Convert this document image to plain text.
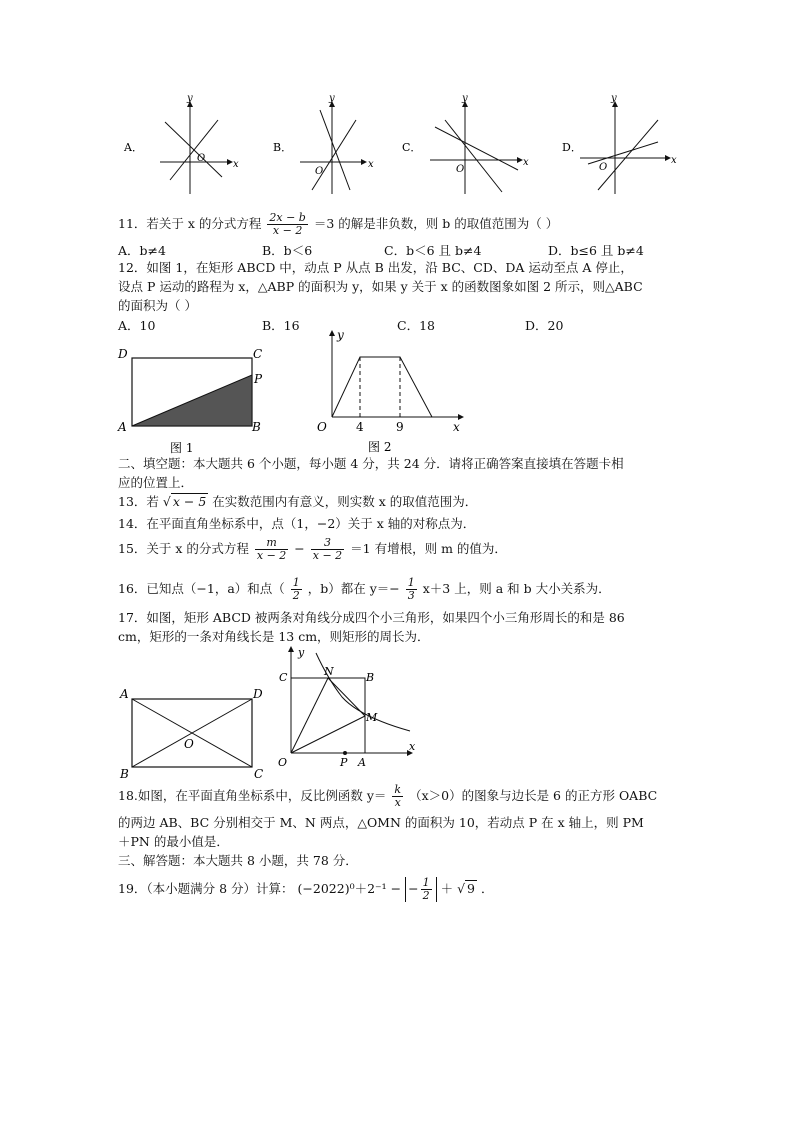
A．
y
x
O
B．
y
x
O
C．
y
x
O
D．
y
x
O
11．若关于 x 的分式方程 $\frac{2x - b}{x - 2} =3$ 的解是非负数，则 b 的取值范围为（ ）
A．b≠4	B．b＜6	C．b＜6 且 b≠4	D．b≤6 且 b≠4
12．如图 1，在矩形 ABCD 中，动点 P 从点 B 出发，沿 BC、CD、DA 运动至点 A 停止，
设点 P 运动的路程为 x，△ABP 的面积为 y，如果 y 关于 x 的函数图象如图 2 所示，则△ABC
的面积为（ ）
A．10	B．16	C．18	D．20
D	C
P
A	B
图 1
y
x
O 4	9
图 2
二、填空题：本大题共 6 个小题，每小题 4 分，共 24 分．请将正确答案直接填在答题卡相
应的位置上．
13．若 √ x − 5 在实数范围内有意义，则实数 x 的取值范围为．
14．在平面直角坐标系中，点（1，−2）关于 x 轴的对称点为．
15．关于 x 的分式方程 $\frac{m}{x - 2} - \frac{3}{x - 2} =1$ 有增根，则 m 的值为．
16．已知点（−1，a）和点（ $\frac{1}{2}$ ，b）都在 $y=- \frac{1}{3} x+3$ 上，则 a 和 b 大小关系为．
17．如图，矩形 ABCD 被两条对角线分成四个小三角形，如果四个小三角形周长的和是 86
cm，矩形的一条对角线长是 13 cm，则矩形的周长为．
A	D
B	C
O
y
x
C	N	B
M
O	P A
18.如图，在平面直角坐标系中，反比例函数 $y= \frac{k}{x} (x>0)$的图象与边长是 6 的正方形 OABC
的两边 AB、BC 分别相交于 M、N 两点，△OMN 的面积为 10，若动点 P 在 x 轴上，则 PM
＋PN 的最小值是．
三、解答题：本大题共 8 小题，共 78 分．
19．（本小题满分 8 分）计算： (−2022)⁰＋2⁻¹ − − $\frac{1}{2}$ ＋ √ 9 ．
